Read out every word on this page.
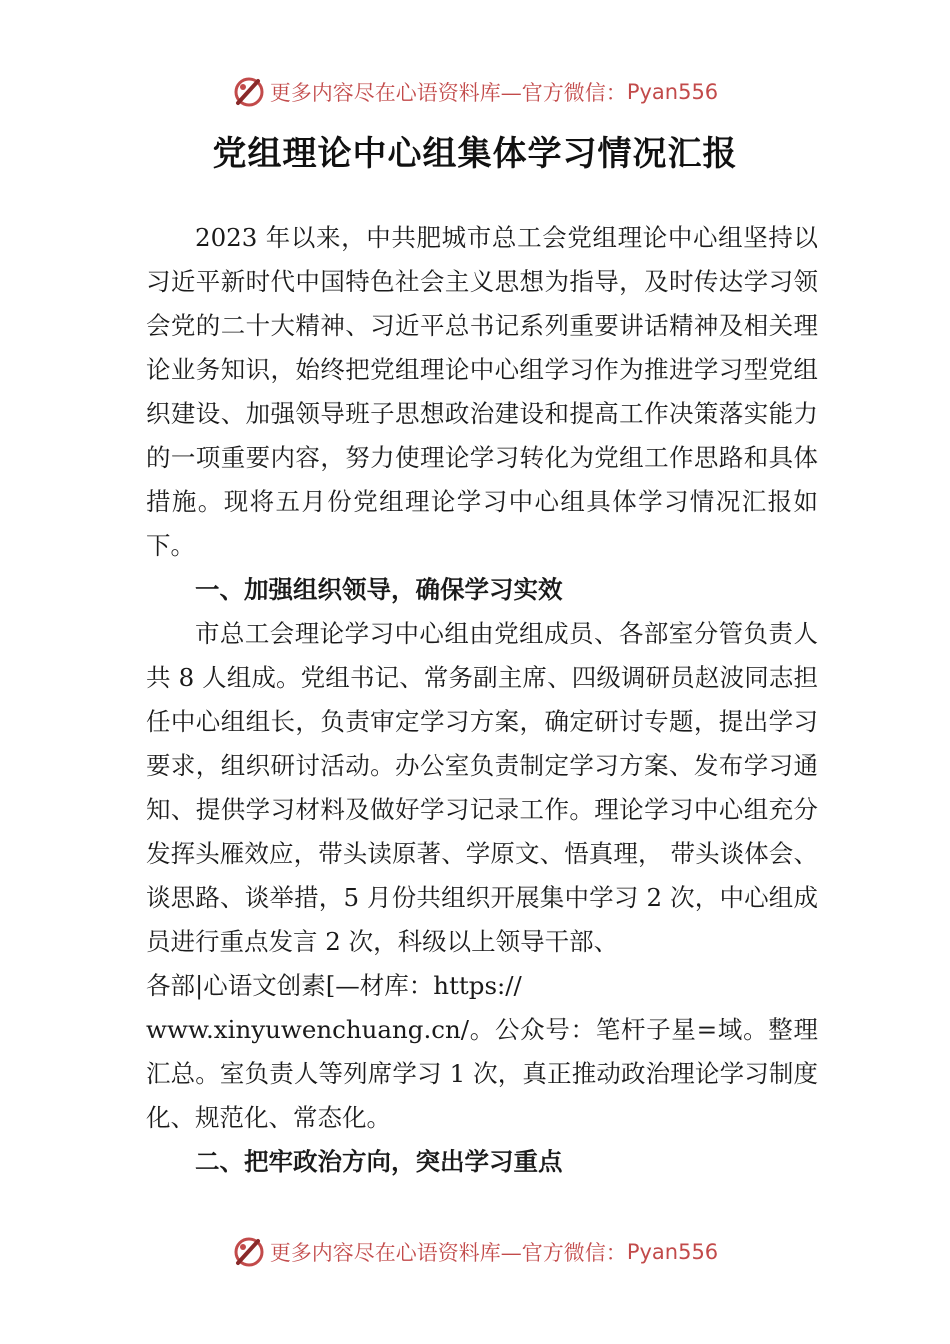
更多内容尽在心语资料库—官方微信： Pyan556
党组理论中心组集体学习情况汇报

2023 年以来，中共肥城市总工会党组理论中心组坚持以习近平新时代中国特色社会主义思想为指导，及时传达学习领会党的二十大精神、习近平总书记系列重要讲话精神及相关理论业务知识，始终把党组理论中心组学习作为推进学习型党组织建设、加强领导班子思想政治建设和提高工作决策落实能力的一项重要内容，努力使理论学习转化为党组工作思路和具体措施。现将五月份党组理论学习中心组具体学习情况汇报如下。

一、加强组织领导，确保学习实效

市总工会理论学习中心组由党组成员、各部室分管负责人共 8 人组成。党组书记、常务副主席、四级调研员赵波同志担任中心组组长，负责审定学习方案，确定研讨专题，提出学习要求，组织研讨活动。办公室负责制定学习方案、发布学习通知、提供学习材料及做好学习记录工作。理论学习中心组充分发挥头雁效应，带头读原著、学原文、悟真理， 带头谈体会、谈思路、谈举措，5 月份共组织开展集中学习 2 次，中心组成员进行重点发言 2 次，科级以上领导干部、

各部|心语文创素[—材库：https://

www.xinyuwenchuang.cn/。公众号：笔杆子星=域。整理汇总。室负责人等列席学习 1 次，真正推动政治理论学习制度化、规范化、常态化。

二、把牢政治方向，突出学习重点

更多内容尽在心语资料库—官方微信： Pyan556
